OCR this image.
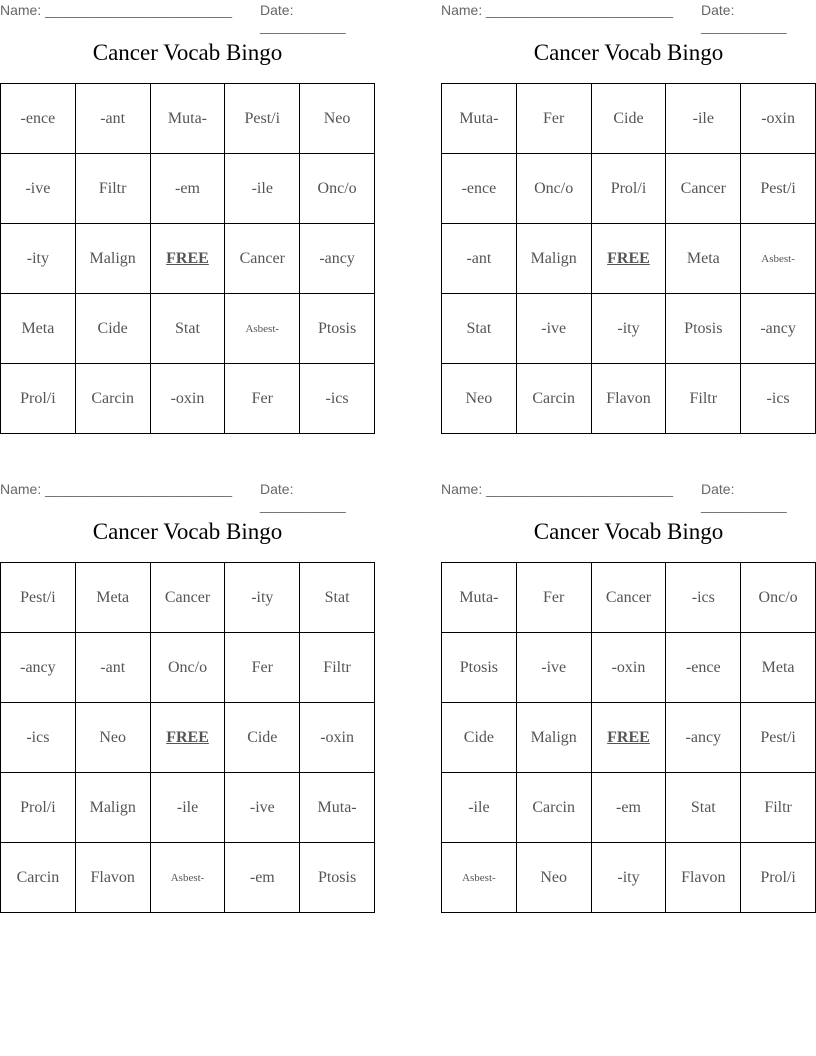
Name: ________________________ Date: ___________
Cancer Vocab Bingo
-ence	-ant	Muta-	Pest/i	Neo
-ive	Filtr	-em	-ile	Onc/o
-ity	Malign	FREE	Cancer	-ancy
Meta	Cide	Stat	Asbest-	Ptosis
Prol/i	Carcin	-oxin	Fer	-ics
Name: ________________________ Date: ___________
Cancer Vocab Bingo
Muta-	Fer	Cide	-ile	-oxin
-ence	Onc/o	Prol/i	Cancer	Pest/i
-ant	Malign	FREE	Meta	Asbest-
Stat	-ive	-ity	Ptosis	-ancy
Neo	Carcin	Flavon	Filtr	-ics
Name: ________________________ Date: ___________
Cancer Vocab Bingo
Pest/i	Meta	Cancer	-ity	Stat
-ancy	-ant	Onc/o	Fer	Filtr
-ics	Neo	FREE	Cide	-oxin
Prol/i	Malign	-ile	-ive	Muta-
Carcin	Flavon	Asbest-	-em	Ptosis
Name: ________________________ Date: ___________
Cancer Vocab Bingo
Muta-	Fer	Cancer	-ics	Onc/o
Ptosis	-ive	-oxin	-ence	Meta
Cide	Malign	FREE	-ancy	Pest/i
-ile	Carcin	-em	Stat	Filtr
Asbest-	Neo	-ity	Flavon	Prol/i
